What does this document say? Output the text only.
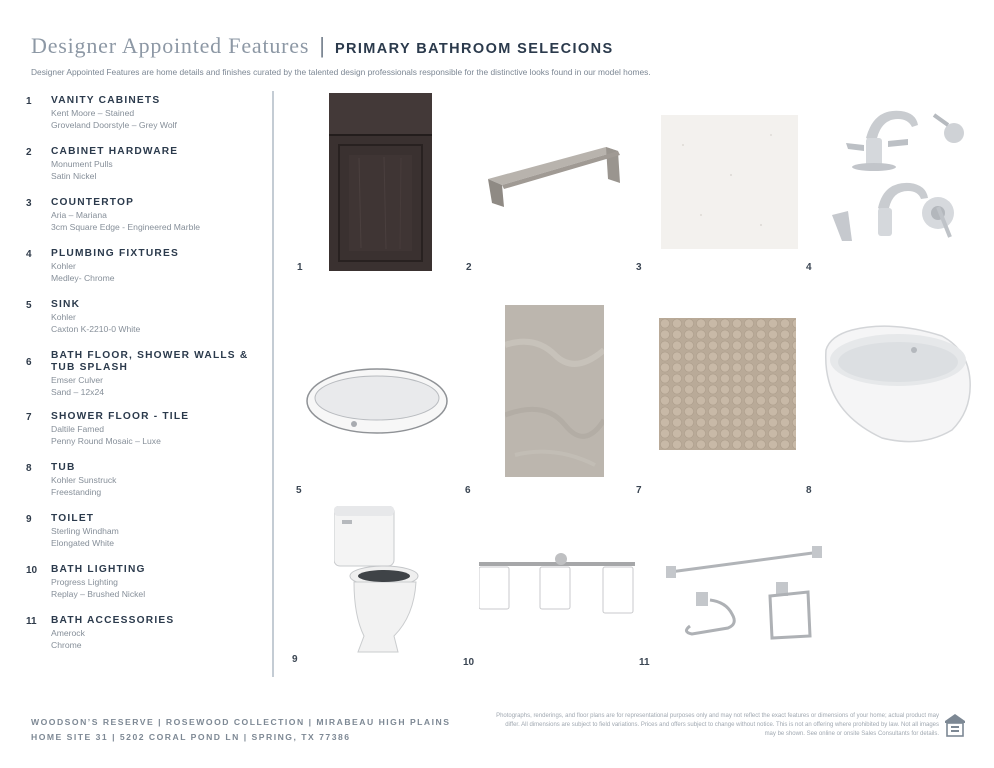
Designer Appointed Features | PRIMARY BATHROOM SELECIONS
Designer Appointed Features are home details and finishes curated by the talented design professionals responsible for the distinctive looks found in our model homes.
1	VANITY CABINETS
Kent Moore – Stained
Groveland Doorstyle – Grey Wolf
2	CABINET HARDWARE
Monument Pulls
Satin Nickel
3	COUNTERTOP
Aria – Mariana
3cm Square Edge - Engineered Marble
4	PLUMBING FIXTURES
Kohler
Medley- Chrome
5	SINK
Kohler
Caxton K-2210-0 White
6
BATH FLOOR, SHOWER WALLS & TUB SPLASH
Emser Culver
Sand – 12x24
7	SHOWER FLOOR - TILE
Daltile Famed
Penny Round Mosaic – Luxe
8	TUB
Kohler Sunstruck
Freestanding
9	TOILET
Sterling Windham
Elongated White
10	BATH LIGHTING
Progress Lighting
Replay – Brushed Nickel
11	BATH ACCESSORIES
Amerock
Chrome
1	2	3	4
5	6	7	8
9	10	11
WOODSON’S RESERVE | ROSEWOOD COLLECTION | MIRABEAU HIGH PLAINS
HOME SITE 31 | 5202 CORAL POND LN | SPRING, TX 77386
Photographs, renderings, and floor plans are for representational purposes only and may not reflect the exact features or dimensions of your home; actual product may differ. All dimensions are subject to field variations. Prices and offers subject to change without notice. This is not an offering where prohibited by law. Not all images may be shown. See online or onsite Sales Consultants for details.
